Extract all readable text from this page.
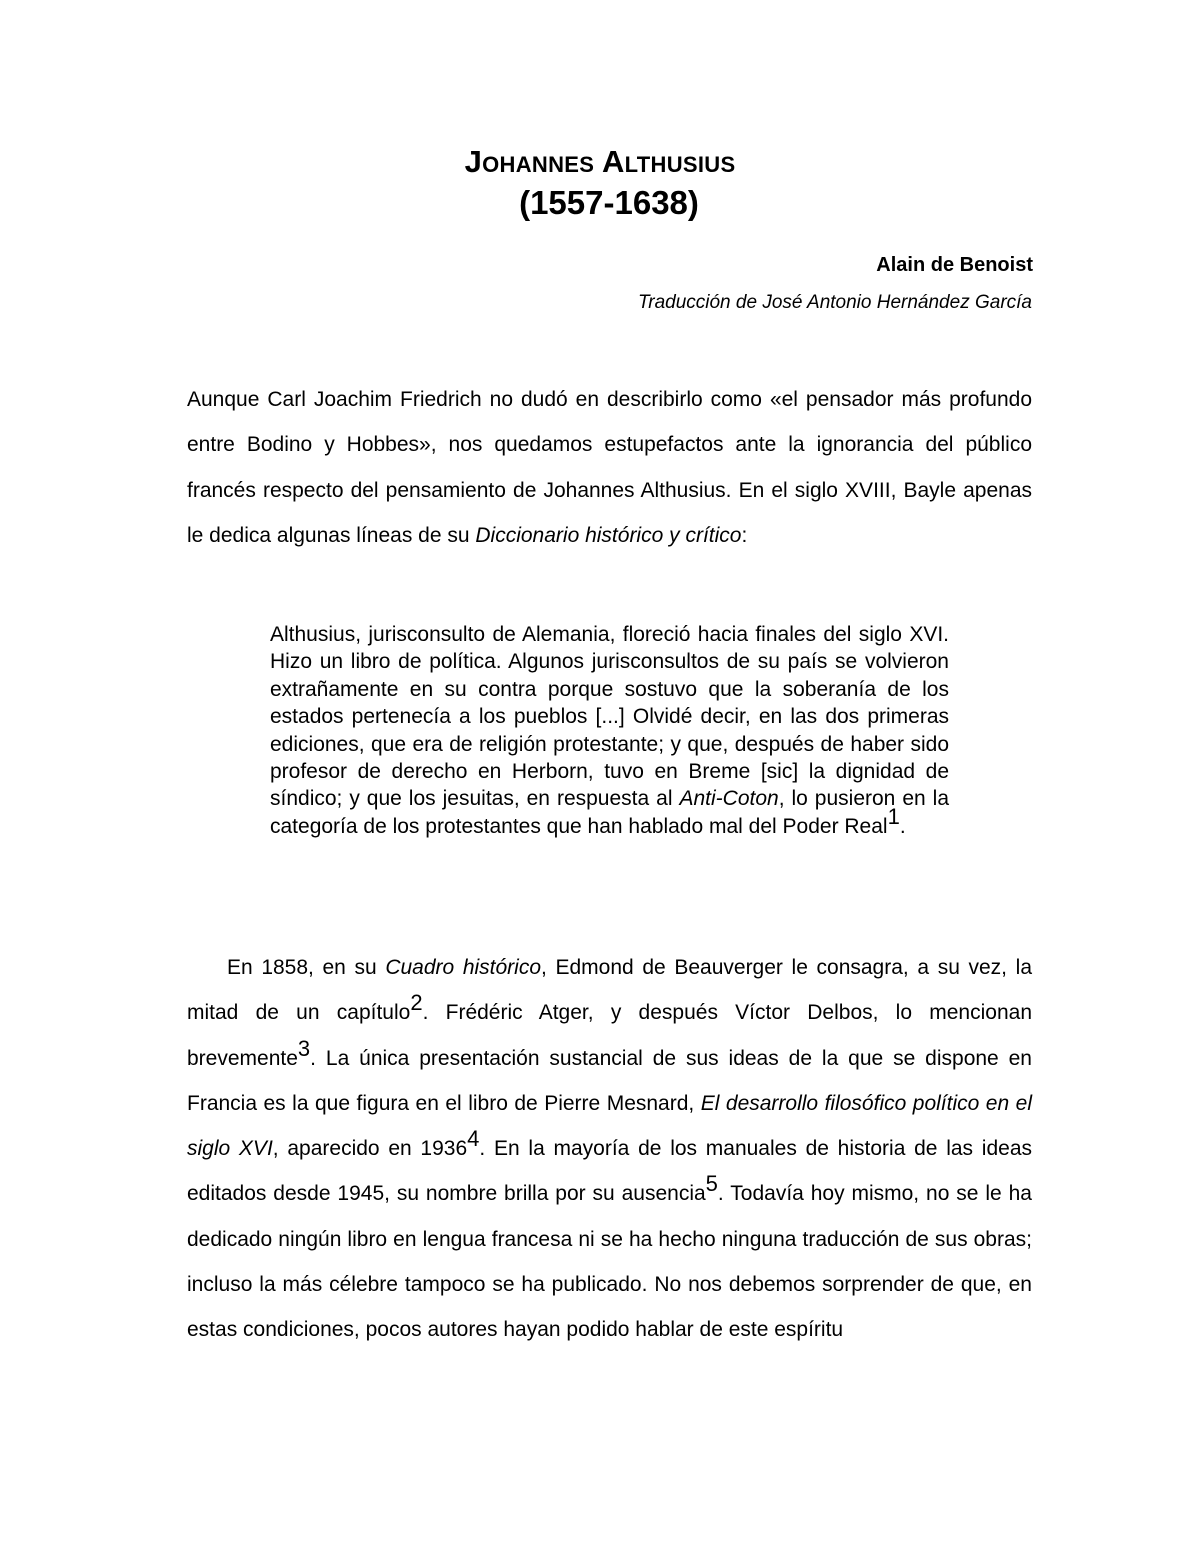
Johannes Althusius
(1557-1638)
Alain de Benoist
Traducción de José Antonio Hernández García
Aunque Carl Joachim Friedrich no dudó en describirlo como «el pensador más profundo entre Bodino y Hobbes», nos quedamos estupefactos ante la ignorancia del público francés respecto del pensamiento de Johannes Althusius. En el siglo XVIII, Bayle apenas le dedica algunas líneas de su Diccionario histórico y crítico:
Althusius, jurisconsulto de Alemania, floreció hacia finales del siglo XVI. Hizo un libro de política. Algunos jurisconsultos de su país se volvieron extrañamente en su contra porque sostuvo que la soberanía de los estados pertenecía a los pueblos [...] Olvidé decir, en las dos primeras ediciones, que era de religión protestante; y que, después de haber sido profesor de derecho en Herborn, tuvo en Breme [sic] la dignidad de síndico; y que los jesuitas, en respuesta al Anti-Coton, lo pusieron en la categoría de los protestantes que han hablado mal del Poder Real1.
En 1858, en su Cuadro histórico, Edmond de Beauverger le consagra, a su vez, la mitad de un capítulo2. Frédéric Atger, y después Víctor Delbos, lo mencionan brevemente3. La única presentación sustancial de sus ideas de la que se dispone en Francia es la que figura en el libro de Pierre Mesnard, El desarrollo filosófico político en el siglo XVI, aparecido en 19364. En la mayoría de los manuales de historia de las ideas editados desde 1945, su nombre brilla por su ausencia5. Todavía hoy mismo, no se le ha dedicado ningún libro en lengua francesa ni se ha hecho ninguna traducción de sus obras; incluso la más célebre tampoco se ha publicado. No nos debemos sorprender de que, en estas condiciones, pocos autores hayan podido hablar de este espíritu
